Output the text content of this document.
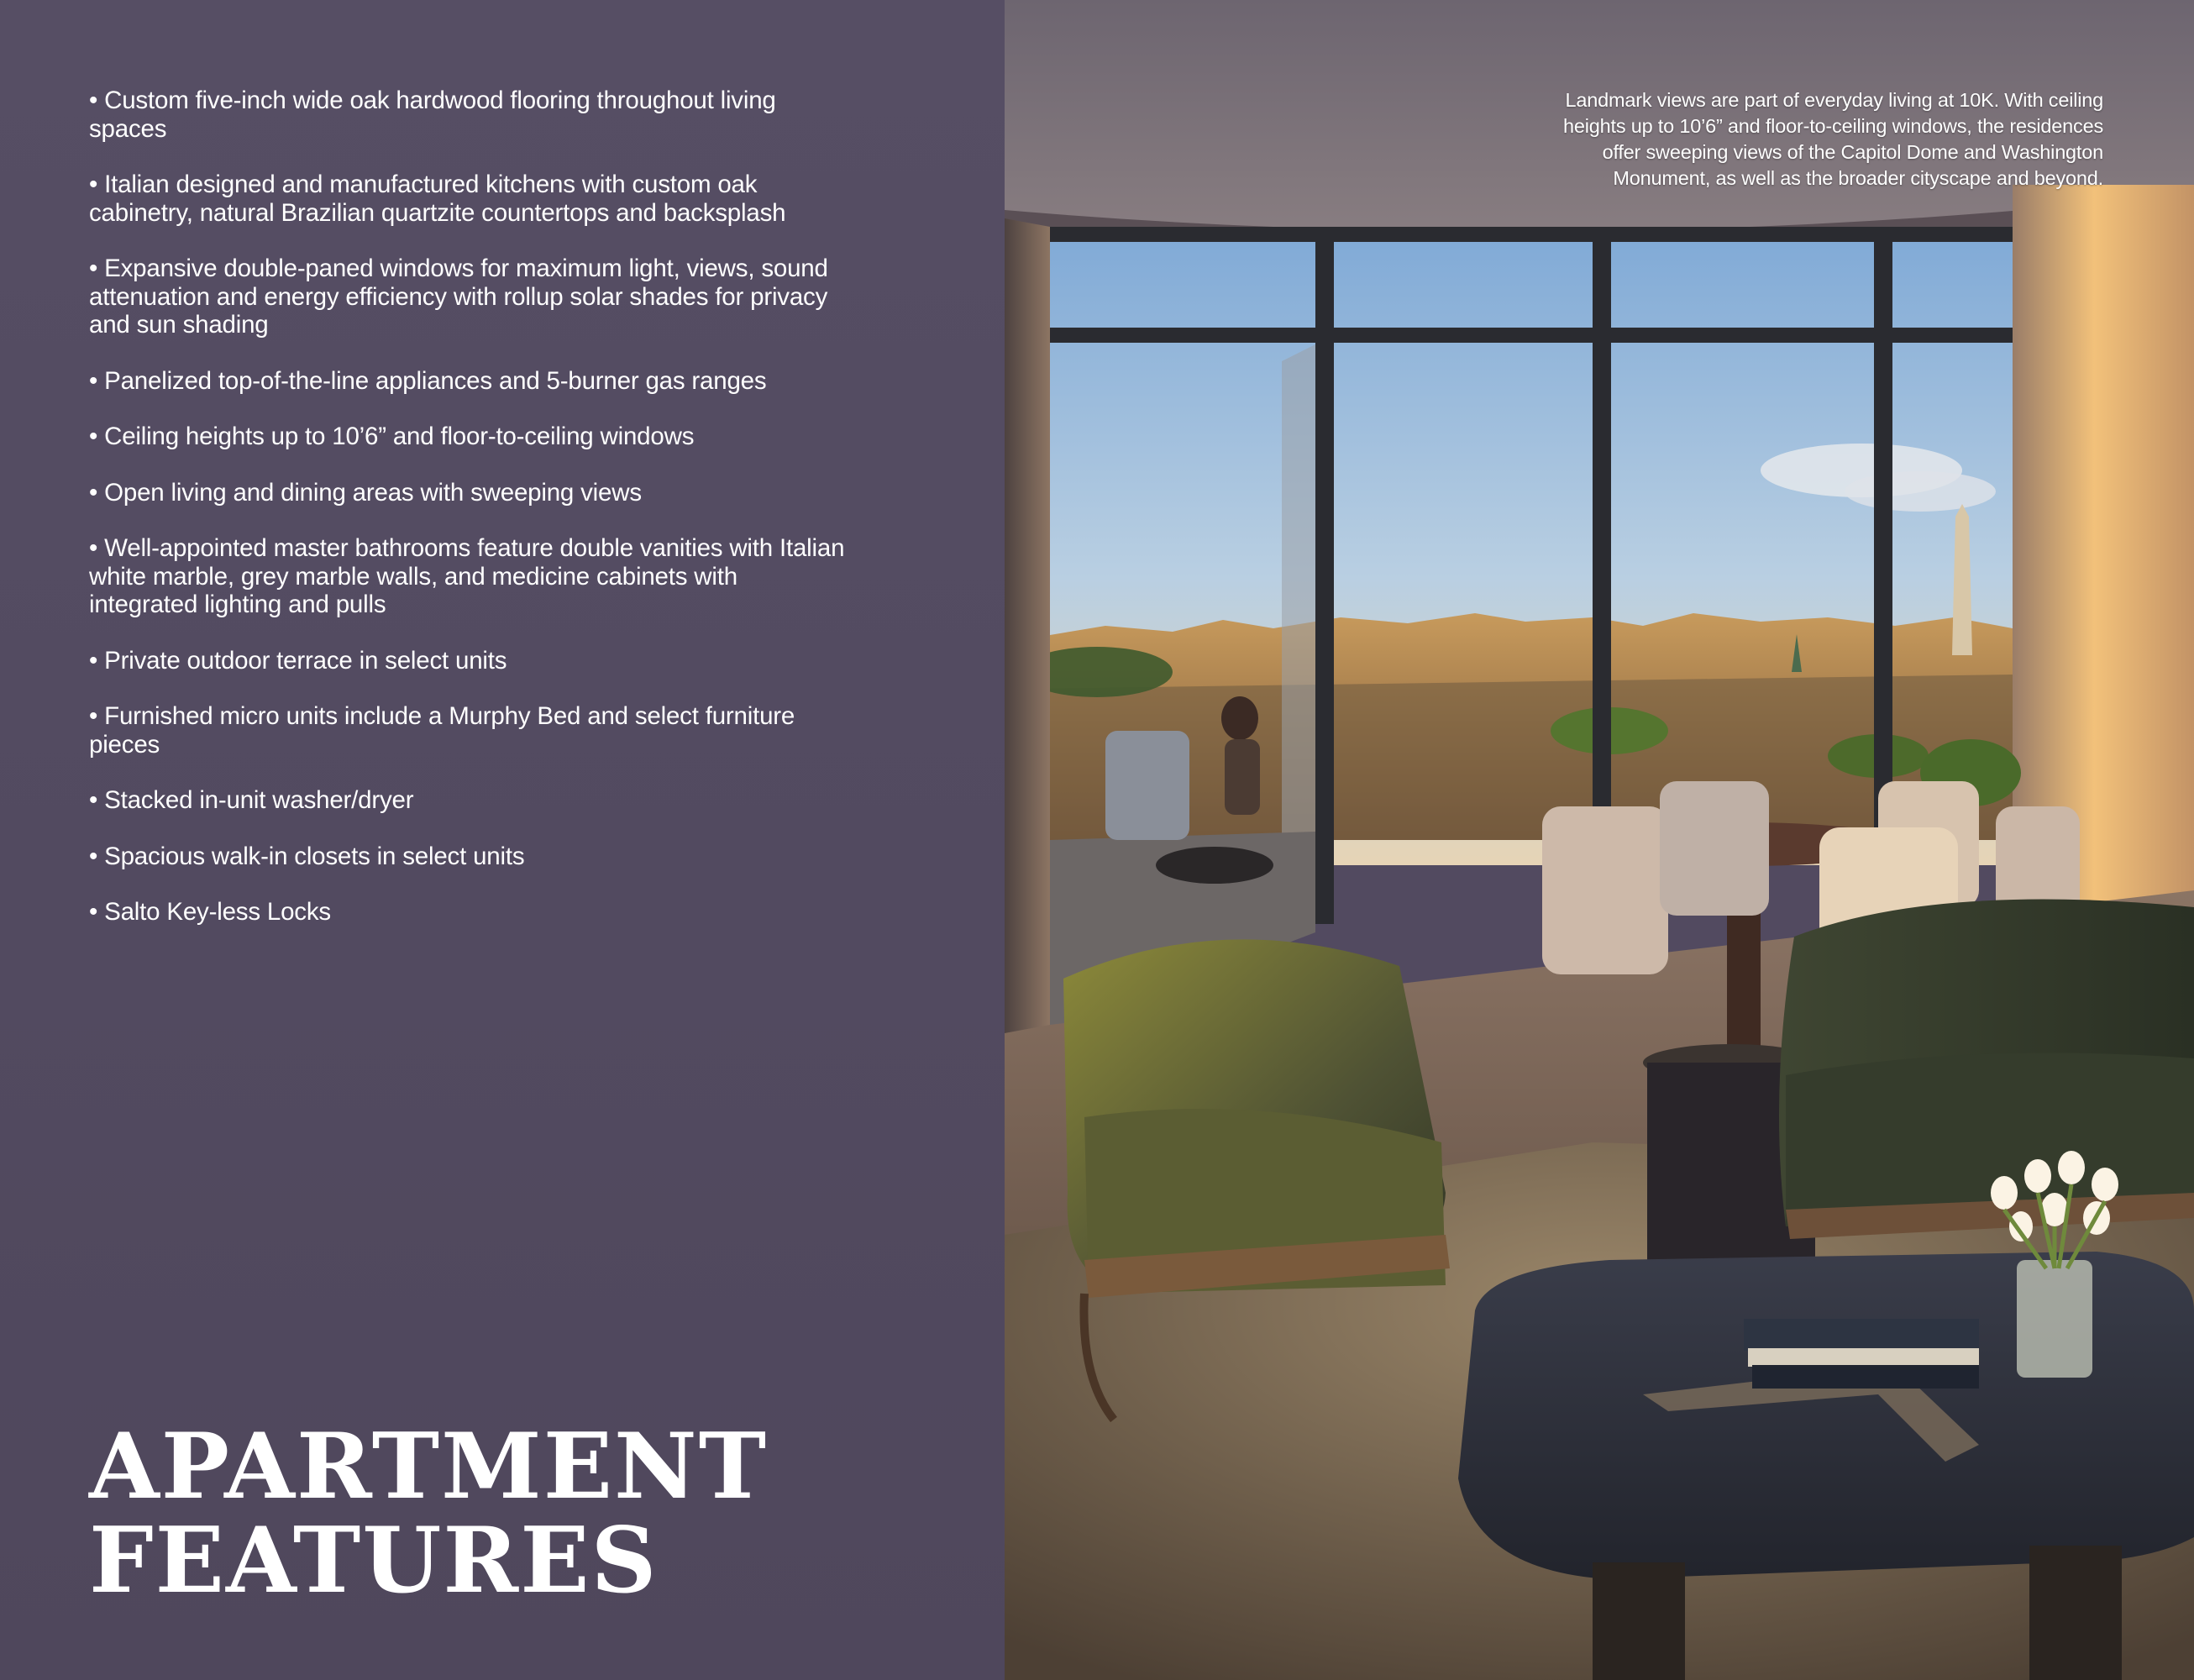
• Custom five-inch wide oak hardwood flooring throughout living spaces
• Italian designed and manufactured kitchens with custom oak cabinetry, natural Brazilian quartzite countertops and backsplash
• Expansive double-paned windows for maximum light, views, sound attenuation and energy efficiency with rollup solar shades for privacy and sun shading
• Panelized top-of-the-line appliances and 5-burner gas ranges
• Ceiling heights up to 10’6” and floor-to-ceiling windows
• Open living and dining areas with sweeping views
• Well-appointed master bathrooms feature double vanities with Italian white marble, grey marble walls, and medicine cabinets with integrated lighting and pulls
• Private outdoor terrace in select units
• Furnished micro units include a Murphy Bed and select furniture pieces
• Stacked in-unit washer/dryer
• Spacious walk-in closets in select units
• Salto Key-less Locks
APARTMENT
FEATURES

Landmark views are part of everyday living at 10K. With ceiling heights up to 10’6” and floor-to-ceiling windows, the residences offer sweeping views of the Capitol Dome and Washington Monument, as well as the broader cityscape and beyond.
